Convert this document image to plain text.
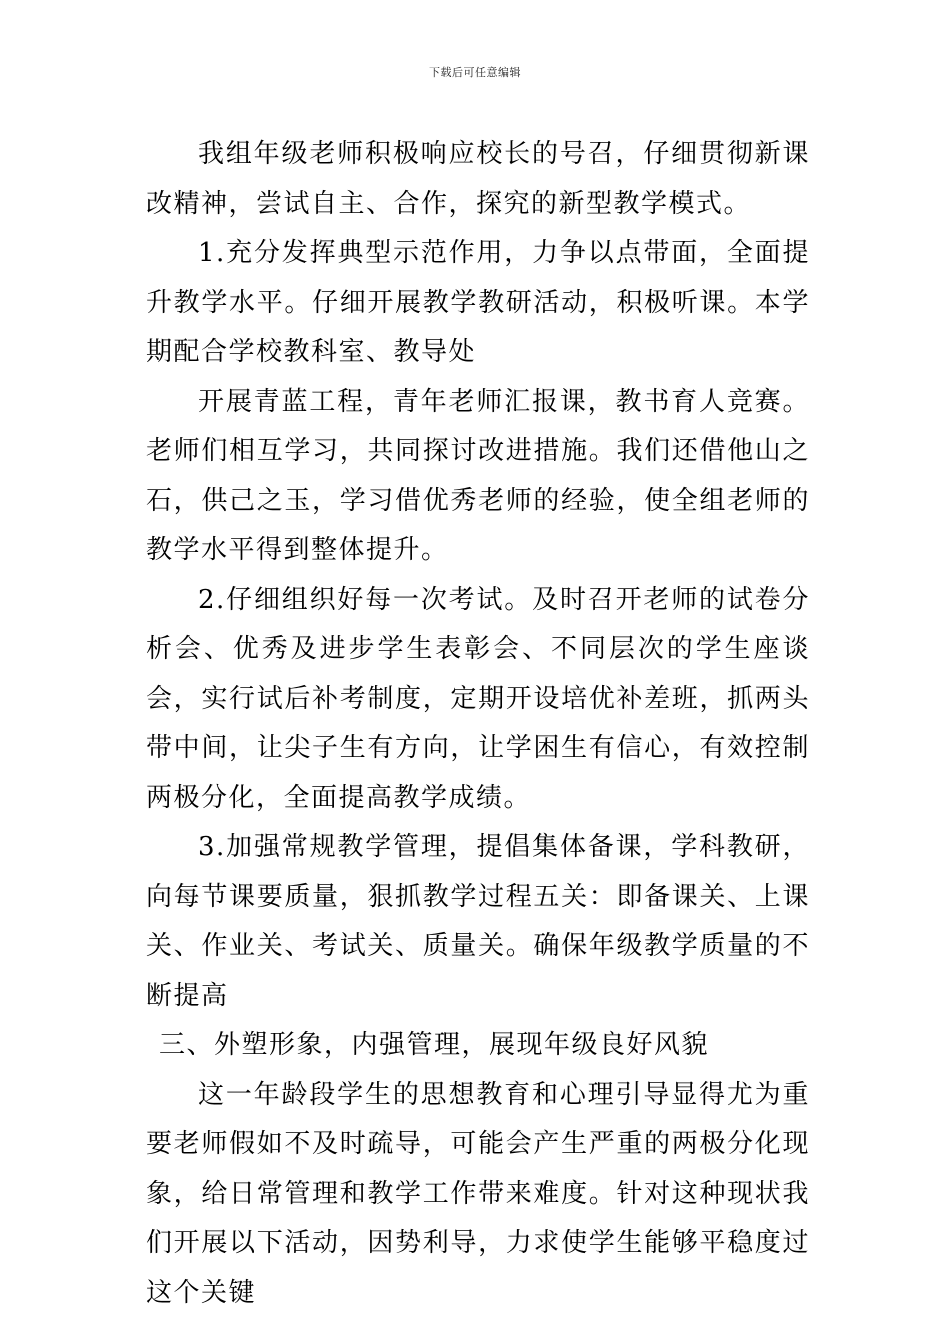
下载后可任意编辑

我组年级老师积极响应校长的号召，仔细贯彻新课改精神，尝试自主、合作，探究的新型教学模式。

1.充分发挥典型示范作用，力争以点带面，全面提升教学水平。仔细开展教学教研活动，积极听课。本学期配合学校教科室、教导处

开展青蓝工程，青年老师汇报课，教书育人竞赛。老师们相互学习，共同探讨改进措施。我们还借他山之石，供己之玉，学习借优秀老师的经验，使全组老师的教学水平得到整体提升。

2.仔细组织好每一次考试。及时召开老师的试卷分析会、优秀及进步学生表彰会、不同层次的学生座谈会，实行试后补考制度，定期开设培优补差班，抓两头带中间，让尖子生有方向，让学困生有信心，有效控制两极分化，全面提高教学成绩。

3.加强常规教学管理，提倡集体备课，学科教研，向每节课要质量，狠抓教学过程五关：即备课关、上课关、作业关、考试关、质量关。确保年级教学质量的不断提高

三、外塑形象，内强管理，展现年级良好风貌

这一年龄段学生的思想教育和心理引导显得尤为重要老师假如不及时疏导，可能会产生严重的两极分化现象，给日常管理和教学工作带来难度。针对这种现状我们开展以下活动，因势利导，力求使学生能够平稳度过这个关键
